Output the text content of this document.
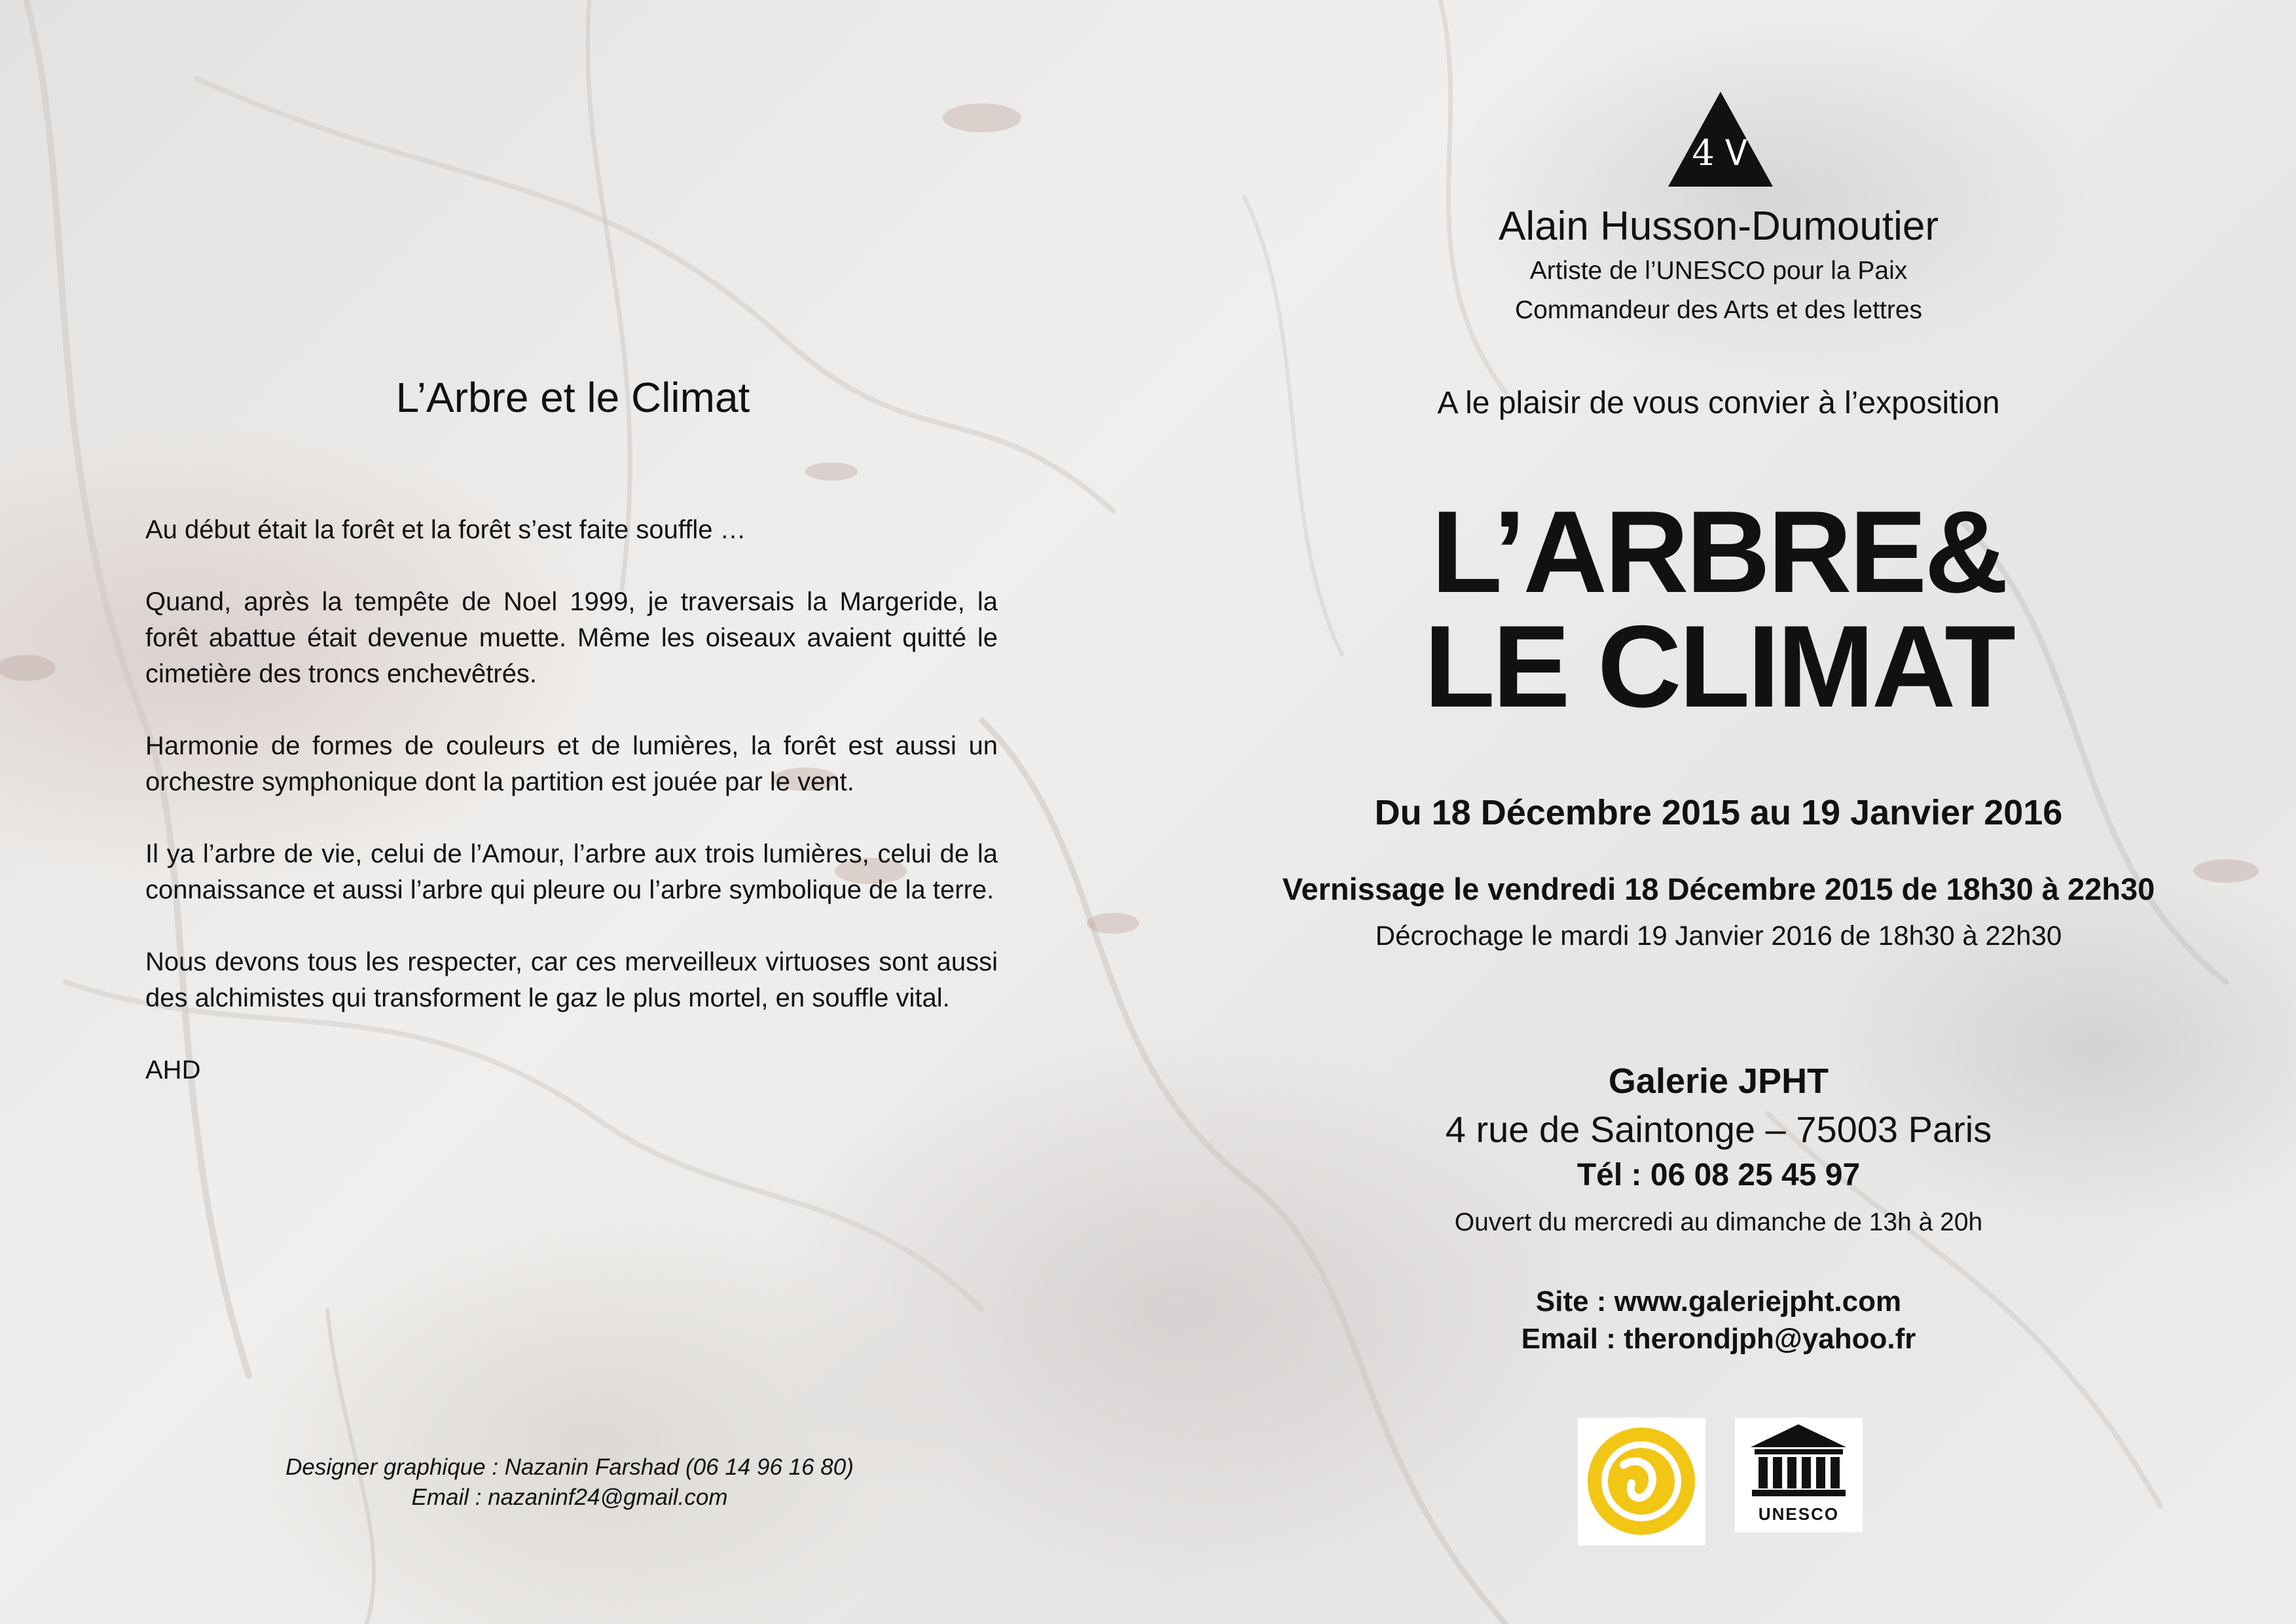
L’Arbre et le Climat

Au début était la forêt et la forêt s’est faite souffle …

Quand, après la tempête de Noel 1999, je traversais la Margeride, la forêt abattue était devenue muette. Même les oiseaux avaient quitté le cimetière des troncs enchevêtrés.

Harmonie de formes de couleurs et de lumières, la forêt est aussi un orchestre symphonique dont la partition est jouée par le vent.

Il ya l’arbre de vie, celui de l’Amour, l’arbre aux trois lumières, celui de la connaissance et aussi l’arbre qui pleure ou l’arbre symbolique de la terre.

Nous devons tous les respecter, car ces merveilleux virtuoses sont aussi des alchimistes qui transforment le gaz le plus mortel, en souffle vital.

AHD

Designer graphique : Nazanin Farshad (06 14 96 16 80)
Email : nazaninf24@gmail.com
4 Ꮩ
Alain Husson-Dumoutier
Artiste de l’UNESCO pour la Paix
Commandeur des Arts et des lettres
A le plaisir de vous convier à l’exposition
L’ARBRE&
LE CLIMAT
Du 18 Décembre 2015 au 19 Janvier 2016
Vernissage le vendredi 18 Décembre 2015 de 18h30 à 22h30
Décrochage le mardi 19 Janvier 2016 de 18h30 à 22h30
Galerie JPHT
4 rue de Saintonge – 75003 Paris
Tél : 06 08 25 45 97
Ouvert du mercredi au dimanche de 13h à 20h
Site : www.galeriejpht.com
Email : therondjph@yahoo.fr
UNESCO
